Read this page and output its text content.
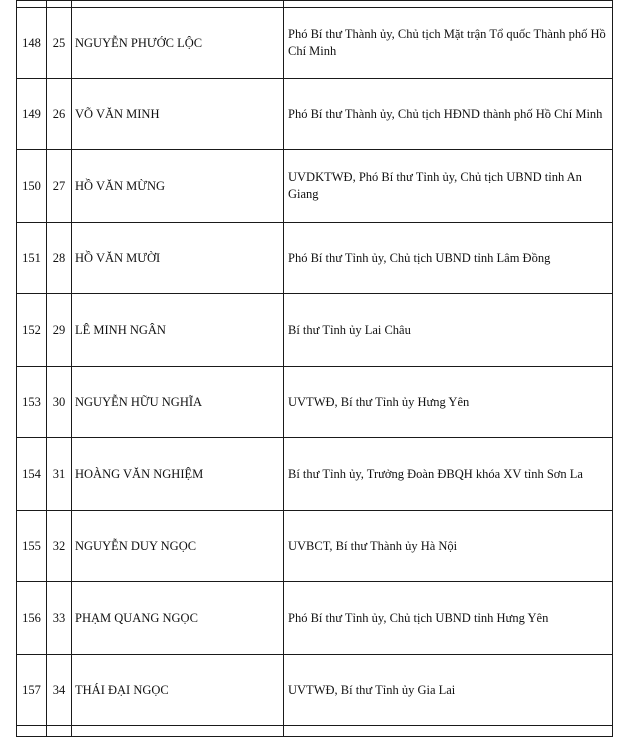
148	25	NGUYỄN PHƯỚC LỘC	Phó Bí thư Thành ủy, Chủ tịch Mặt trận Tổ quốc Thành phố Hồ Chí Minh
149	26	VÕ VĂN MINH	Phó Bí thư Thành ủy, Chủ tịch HĐND thành phố Hồ Chí Minh
150	27	HỒ VĂN MỪNG	UVDKTWĐ, Phó Bí thư Tỉnh ủy, Chủ tịch UBND tỉnh An Giang
151	28	HỒ VĂN MƯỜI	Phó Bí thư Tỉnh ủy, Chủ tịch UBND tỉnh Lâm Đồng
152	29	LÊ MINH NGÂN	Bí thư Tỉnh ủy Lai Châu
153	30	NGUYỄN HỮU NGHĨA	UVTWĐ, Bí thư Tỉnh ủy Hưng Yên
154	31	HOÀNG VĂN NGHIỆM	Bí thư Tỉnh ủy, Trưởng Đoàn ĐBQH khóa XV tỉnh Sơn La
155	32	NGUYỄN DUY NGỌC	UVBCT, Bí thư Thành ủy Hà Nội
156	33	PHẠM QUANG NGỌC	Phó Bí thư Tỉnh ủy, Chủ tịch UBND tỉnh Hưng Yên
157	34	THÁI ĐẠI NGỌC	UVTWĐ, Bí thư Tỉnh ủy Gia Lai
